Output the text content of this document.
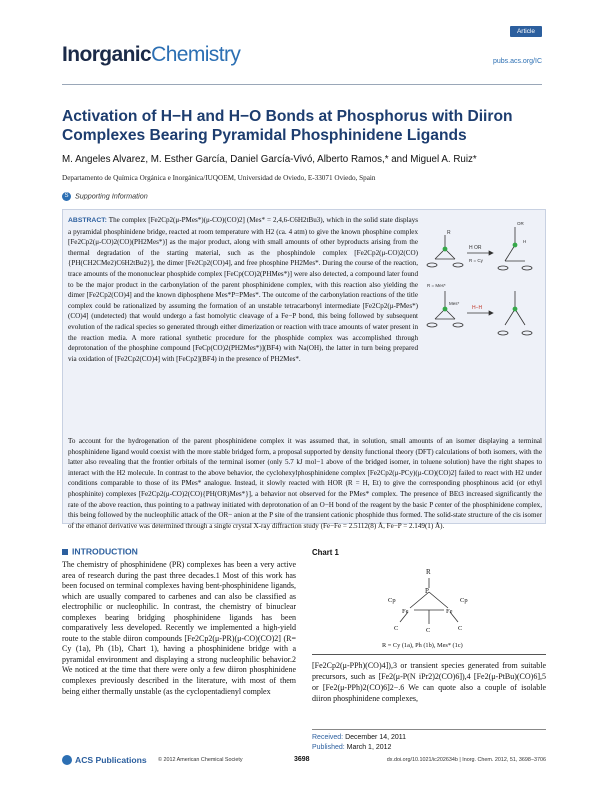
Article
InorganicChemistry	pubs.acs.org/IC
Activation of H−H and H−O Bonds at Phosphorus with Diiron Complexes Bearing Pyramidal Phosphinidene Ligands
M. Angeles Alvarez, M. Esther García, Daniel García-Vivó, Alberto Ramos,* and Miguel A. Ruiz*
Departamento de Química Orgánica e Inorgánica/IUQOEM, Universidad de Oviedo, E-33071 Oviedo, Spain
S Supporting Information
ABSTRACT: The complex [Fe2Cp2(μ-PMes*)(μ-CO)(CO)2] (Mes* = 2,4,6-C6H2tBu3), which in the solid state displays a pyramidal phosphinidene bridge, reacted at room temperature with H2 (ca. 4 atm) to give the known phosphine complex [Fe2Cp2(μ-CO)2(CO)(PH2Mes*)] as the major product, along with small amounts of other byproducts arising from the thermal degradation of the starting material, such as the phosphindole complex [Fe2Cp2(μ-CO)2(CO){PH(CH2CMe2)C6H2tBu2}], the dimer [Fe2Cp2(CO)4], and free phosphine PH2Mes*. During the course of the reaction, trace amounts of the mononuclear phosphide complex [FeCp(CO)2(PHMes*)] were also detected, a compound later found to be the major product in the carbonylation of the parent phosphinidene complex, with this reaction also yielding the dimer [Fe2Cp2(CO)4] and the known diphosphene Mes*P=PMes*. The outcome of the carbonylation reactions of the title complex could be rationalized by assuming the formation of an unstable tetracarbonyl intermediate [Fe2Cp2(μ-PMes*)(CO)4] (undetected) that would undergo a fast homolytic cleavage of a Fe−P bond, this being followed by subsequent evolution of the radical species so generated through either dimerization or reaction with trace amounts of water present in the reaction media. A more rational synthetic procedure for the phosphide complex was accomplished through deprotonation of the phosphine compound [FeCp(CO)2(PH2Mes*)](BF4) with Na(OH), the latter in turn being prepared via oxidation of [Fe2Cp2(CO)4] with [FeCp2](BF4) in the presence of PH2Mes*.
R
H OR
R = Cy
OR
H
R = Mes*
Mes*
H−H
To account for the hydrogenation of the parent phosphinidene complex it was assumed that, in solution, small amounts of an isomer displaying a terminal phosphinidene ligand would coexist with the more stable bridged form, a proposal supported by density functional theory (DFT) calculations of both isomers, with the latter also revealing that the frontier orbitals of the terminal isomer (only 5.7 kJ mol−1 above of the bridged isomer, in toluene solution) have the right shapes to interact with the H2 molecule. In contrast to the above behavior, the cyclohexylphosphinidene complex [Fe2Cp2(μ-PCy)(μ-CO)(CO)2] failed to react with H2 under conditions comparable to those of its PMes* analogue. Instead, it slowly reacted with HOR (R = H, Et) to give the corresponding phosphinous acid (or ethyl phosphinite) complexes [Fe2Cp2(μ-CO)2(CO){PH(OR)Mes*}], a behavior not observed for the PMes* complex. The presence of BEt3 increased significantly the rate of the above reaction, thus pointing to a pathway initiated with deprotonation of an O−H bond of the reagent by the basic P center of the phosphinidene complex, this being followed by the nucleophilic attack of the OR− anion at the P site of the transient cationic phosphide thus formed. The solid-state structure of the cis isomer of the ethanol derivative was determined through a single crystal X-ray diffraction study (Fe−Fe = 2.5112(8) Å, Fe−P = 2.149(1) Å).
INTRODUCTION
The chemistry of phosphinidene (PR) complexes has been a very active area of research during the past three decades.1 Most of this work has been focused on terminal complexes having bent-phosphinidene ligands, which are usually compared to carbenes and can also be classified as electrophilic or nucleophilic. In contrast, the chemistry of binuclear complexes bearing bridging phosphinidene ligands has been comparatively less developed. Recently we implemented a high-yield route to the stable diiron compounds [Fe2Cp2(μ-PR)(μ-CO)(CO)2] (R= Cy (1a), Ph (1b), Chart 1), having a phosphinidene bridge with a pyramidal environment and displaying a strong nucleophilic behavior.2 We noticed at the time that there were only a few diiron phosphinidene complexes previously described in the literature, with most of them being either thermally unstable (as the cyclopentadienyl complex
Chart 1
R
P
Fe	Fe
Cp	Cp
C
C	C
R = Cy (1a), Ph (1b), Mes* (1c)
[Fe2Cp2(μ-PPh)(CO)4]),3 or transient species generated from suitable precursors, such as [Fe2(μ-P(N iPr2)2(CO)6]),4 [Fe2(μ-PtBu)(CO)6],5 or [Fe2(μ-PPh)2(CO)6]2−.6 We can quote also a couple of isolable diiron phosphinidene complexes,
Received: December 14, 2011
Published: March 1, 2012
ACS Publications © 2012 American Chemical Society	3698	dx.doi.org/10.1021/ic202634b | Inorg. Chem. 2012, 51, 3698−3706
